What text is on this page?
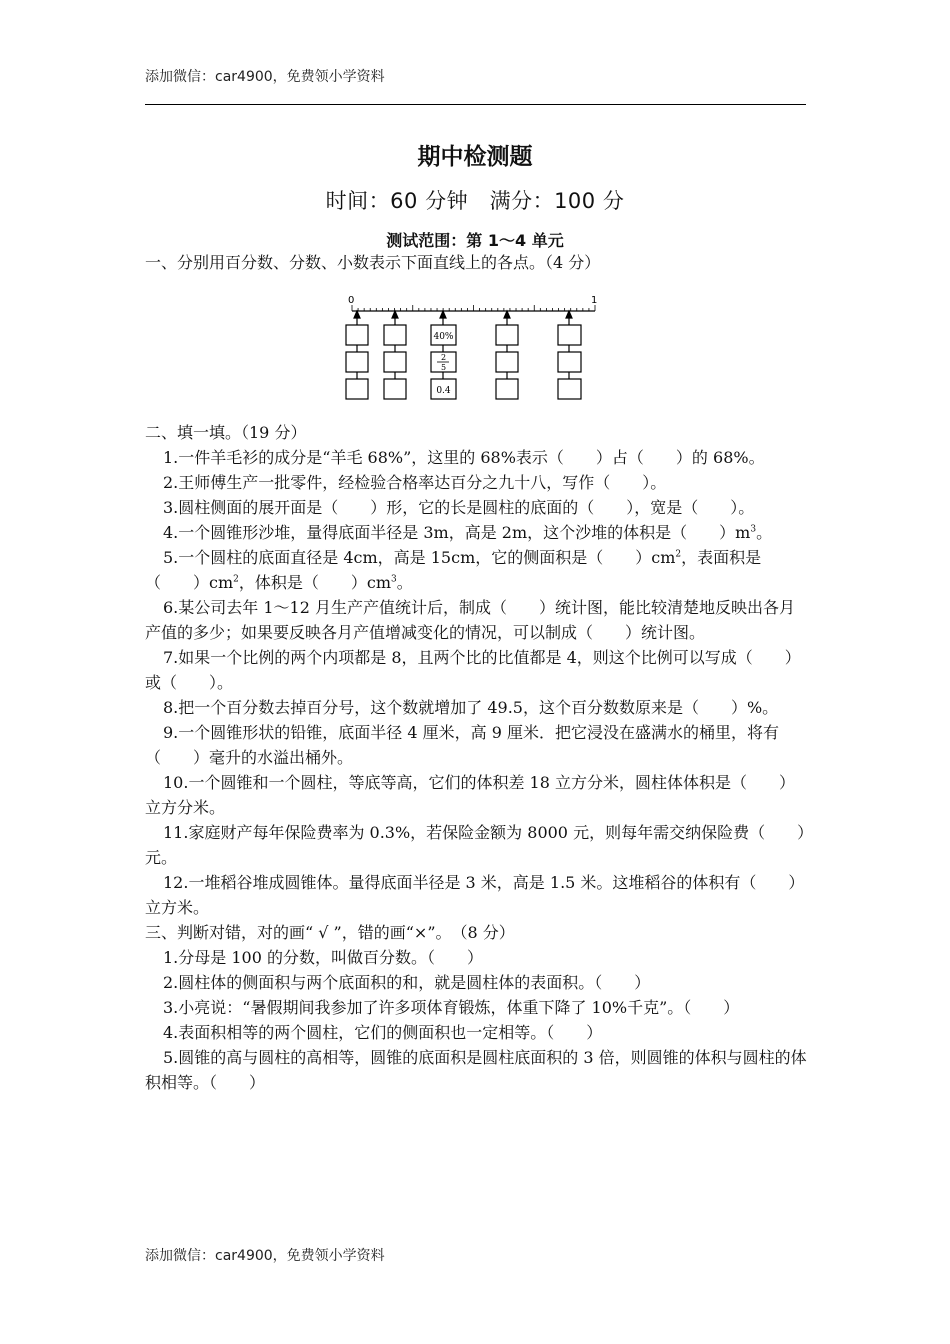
添加微信：car4900，免费领小学资料
期中检测题
时间：60 分钟　满分：100 分
测试范围：第 1～4 单元

一、分别用百分数、分数、小数表示下面直线上的各点。（4 分）

0	1
40%
2
5
0.4

二、填一填。（19 分）

1.一件羊毛衫的成分是“羊毛 68%”，这里的 68%表示（　　）占（　　）的 68%。

2.王师傅生产一批零件，经检验合格率达百分之九十八，写作（　　）。

3.圆柱侧面的展开面是（　　）形，它的长是圆柱的底面的（　　），宽是（　　）。

4.一个圆锥形沙堆，量得底面半径是 3m，高是 2m，这个沙堆的体积是（　　）$m^3$。

5.一个圆柱的底面直径是 4cm，高是 15cm，它的侧面积是（　　）$cm^2$，表面积是（　　）$cm^2$，体积是（　　）$cm^3$。

6.某公司去年 1～12 月生产产值统计后，制成（　　）统计图，能比较清楚地反映出各月产值的多少；如果要反映各月产值增减变化的情况，可以制成（　　）统计图。

7.如果一个比例的两个内项都是 8，且两个比的比值都是 4，则这个比例可以写成（　　）或（　　）。

8.把一个百分数去掉百分号，这个数就增加了 49.5，这个百分数数原来是（　　）%。

9.一个圆锥形状的铅锥，底面半径 4 厘米，高 9 厘米．把它浸没在盛满水的桶里，将有（　　）毫升的水溢出桶外。

10.一个圆锥和一个圆柱，等底等高，它们的体积差 18 立方分米，圆柱体体积是（　　）立方分米。

11.家庭财产每年保险费率为 0.3%，若保险金额为 8000 元，则每年需交纳保险费（　　）元。

12.一堆稻谷堆成圆锥体。量得底面半径是 3 米，高是 1.5 米。这堆稻谷的体积有（　　）立方米。

三、判断对错，对的画“ √ ”，错的画“×”。　（8 分）

1.分母是 100 的分数，叫做百分数。（　　）

2.圆柱体的侧面积与两个底面积的和，就是圆柱体的表面积。（　　）

3.小亮说：“暑假期间我参加了许多项体育锻炼，体重下降了 10%千克”。（　　）

4.表面积相等的两个圆柱，它们的侧面积也一定相等。（　　）

5.圆锥的高与圆柱的高相等，圆锥的底面积是圆柱底面积的 3 倍，则圆锥的体积与圆柱的体积相等。（　　）

添加微信：car4900，免费领小学资料
